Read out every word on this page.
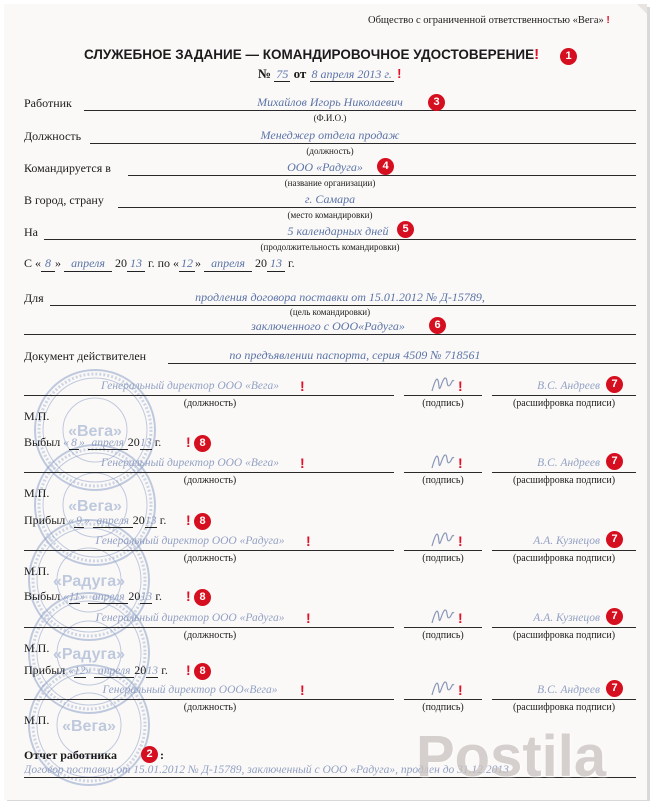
«Вега»
«Вега»
«Радуга»
«Радуга»
«Вега»
Общество с ограниченной ответственностью «Вега» !
СЛУЖЕБНОЕ ЗАДАНИЕ — КОМАНДИРОВОЧНОЕ УДОСТОВЕРЕНИЕ!	1
№ 75 от 8 апреля 2013 г. !
Работник	Михайлов Игорь Николаевич	3
(Ф.И.О.)
Должность	Менеджер отдела продаж
(должность)
Командируется в	ООО «Радуга»	4
(название организации)
В город, страну	г. Самара
(место командировки)
На	5 календарных дней	5
(продолжительность командировки)
С « 8 » апреля 20 13 г. по « 12 » апреля 20 13 г.
Для	продления договора поставки от 15.01.2012 № Д-15789,
(цель командировки)
заключенного с ООО«Радуга»	6
Документ действителен	по предъявлении паспорта, серия 4509 № 718561
Генеральный директор ООО «Вега»	!
(должность)
!
(подпись)
В.С. Андреев	7
(расшифровка подписи)
М.П.
Генеральный директор ООО «Вега»	!
(должность)
!
(подпись)
В.С. Андреев	7
(расшифровка подписи)
М.П.
Генеральный директор ООО «Радуга»	!
(должность)
!
(подпись)
А.А. Кузнецов	7
(расшифровка подписи)
М.П.
Генеральный директор ООО «Радуга»	!
(должность)
!
(подпись)
А.А. Кузнецов	7
(расшифровка подписи)
М.П.
Генеральный директор ООО«Вега»	!
(должность)
!
(подпись)
В.С. Андреев	7
(расшифровка подписи)
М.П.
Выбыл « 8 » апреля 2013 г. ! 8
Прибыл « 9 » апреля 2013 г. ! 8
Выбыл «11» апреля 2013 г. ! 8
Прибыл «12» апреля 2013 г. ! 8
Отчет работника	2 :
Договор поставки от 15.01.2012 № Д-15789, заключенный с ООО «Радуга», продлен до 31.12.2013
Postila
